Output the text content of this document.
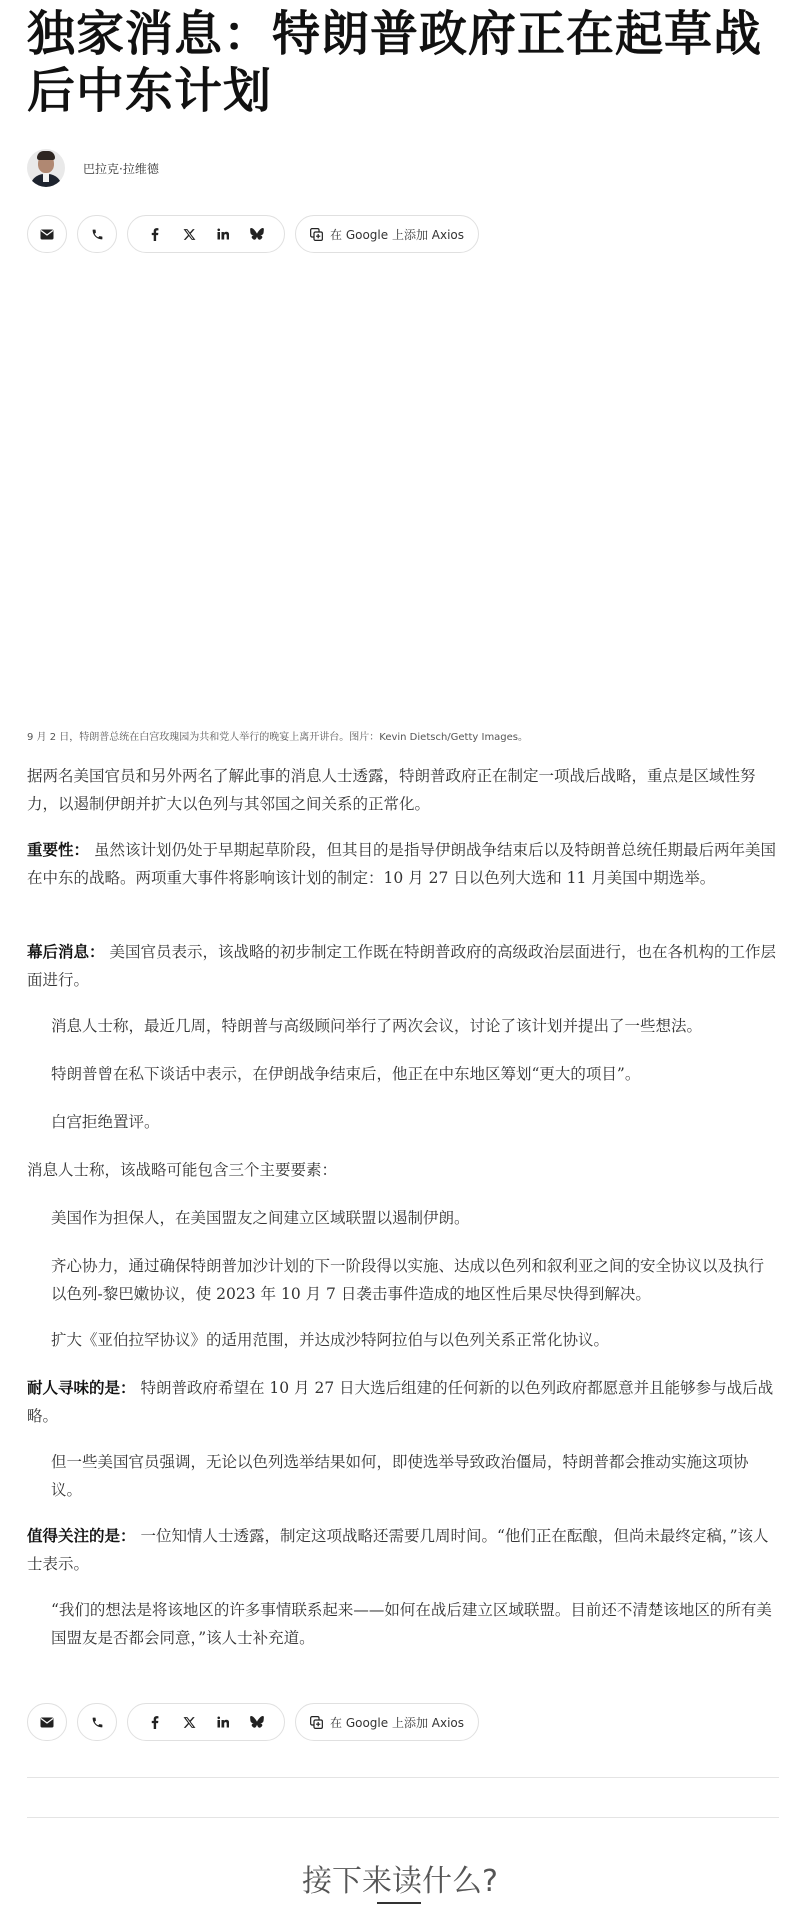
独家消息：特朗普政府正在起草战后中东计划
巴拉克·拉维德
在 Google 上添加 Axios
9 月 2 日，特朗普总统在白宫玫瑰园为共和党人举行的晚宴上离开讲台。图片：Kevin Dietsch/Getty Images。
据两名美国官员和另外两名了解此事的消息人士透露，特朗普政府正在制定一项战后战略，重点是区域性努力，以遏制伊朗并扩大以色列与其邻国之间关系的正常化。
重要性： 虽然该计划仍处于早期起草阶段，但其目的是指导伊朗战争结束后以及特朗普总统任期最后两年美国在中东的战略。两项重大事件将影响该计划的制定：10 月 27 日以色列大选和 11 月美国中期选举。
幕后消息： 美国官员表示，该战略的初步制定工作既在特朗普政府的高级政治层面进行，也在各机构的工作层面进行。
消息人士称，最近几周，特朗普与高级顾问举行了两次会议，讨论了该计划并提出了一些想法。
特朗普曾在私下谈话中表示，在伊朗战争结束后，他正在中东地区筹划“更大的项目”。
白宫拒绝置评。
消息人士称，该战略可能包含三个主要要素：
美国作为担保人，在美国盟友之间建立区域联盟以遏制伊朗。
齐心协力，通过确保特朗普加沙计划的下一阶段得以实施、达成以色列和叙利亚之间的安全协议以及执行以色列-黎巴嫩协议，使 2023 年 10 月 7 日袭击事件造成的地区性后果尽快得到解决。
扩大《亚伯拉罕协议》的适用范围，并达成沙特阿拉伯与以色列关系正常化协议。
耐人寻味的是： 特朗普政府希望在 10 月 27 日大选后组建的任何新的以色列政府都愿意并且能够参与战后战略。
但一些美国官员强调，无论以色列选举结果如何，即使选举导致政治僵局，特朗普都会推动实施这项协议。
值得关注的是： 一位知情人士透露，制定这项战略还需要几周时间。“他们正在酝酿，但尚未最终定稿，”该人士表示。
“我们的想法是将该地区的许多事情联系起来——如何在战后建立区域联盟。目前还不清楚该地区的所有美国盟友是否都会同意，”该人士补充道。
在 Google 上添加 Axios
接下来读什么?
